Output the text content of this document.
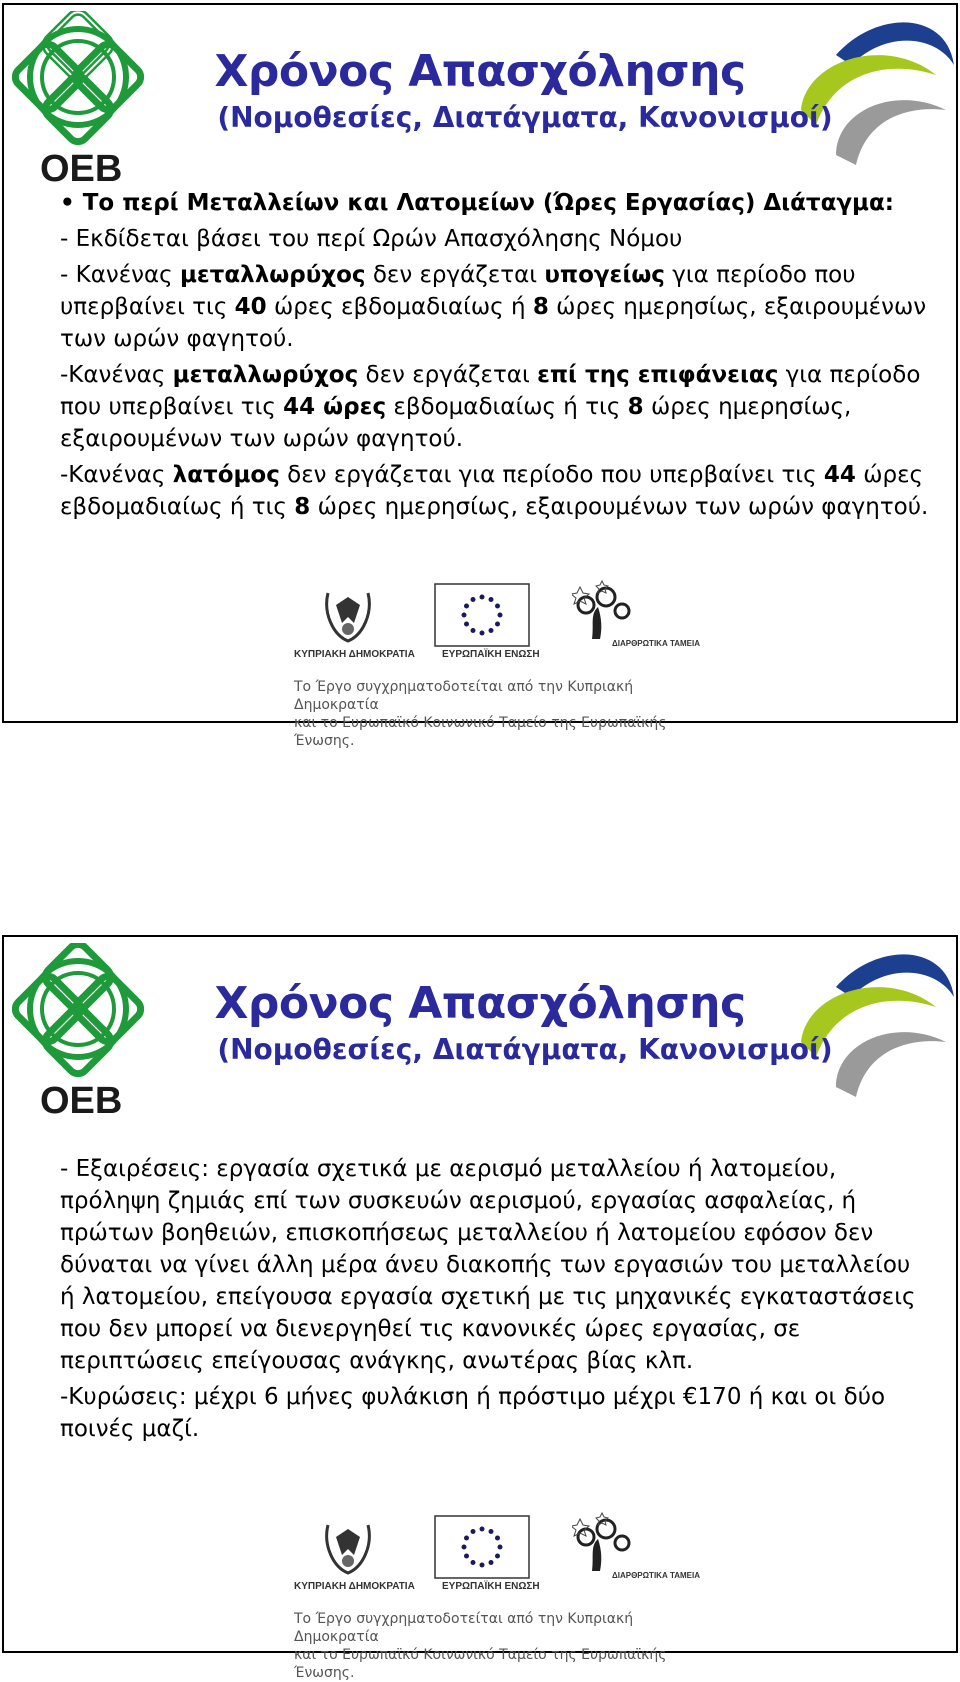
OEB
Χρόνος Απασχόλησης
(Νομοθεσίες, Διατάγματα, Κανονισμοί)

• Το περί Μεταλλείων και Λατομείων (Ώρες Εργασίας) Διάταγμα:

- Εκδίδεται βάσει του περί Ωρών Απασχόλησης Νόμου

- Κανένας μεταλλωρύχος δεν εργάζεται υπογείως για περίοδο που υπερβαίνει τις 40 ώρες εβδομαδιαίως ή 8 ώρες ημερησίως, εξαιρουμένων των ωρών φαγητού.

-Κανένας μεταλλωρύχος δεν εργάζεται επί της επιφάνειας για περίοδο που υπερβαίνει τις 44 ώρες εβδομαδιαίως ή τις 8 ώρες ημερησίως, εξαιρουμένων των ωρών φαγητού.

-Κανένας λατόμος δεν εργάζεται για περίοδο που υπερβαίνει τις 44 ώρες εβδομαδιαίως ή τις 8 ώρες ημερησίως, εξαιρουμένων των ωρών φαγητού.

ΚΥΠΡΙΑΚΗ ΔΗΜΟΚΡΑΤΙΑ	ΕΥΡΩΠΑΪΚΗ ΕΝΩΣΗ
ΔΙΑΡΘΡΩΤΙΚΑ ΤΑΜΕΙΑ
Το Έργο συγχρηματοδοτείται από την Κυπριακή Δημοκρατία
και το Ευρωπαϊκό Κοινωνικό Ταμείο της Ευρωπαϊκής Ένωσης.
OEB
Χρόνος Απασχόλησης
(Νομοθεσίες, Διατάγματα, Κανονισμοί)

- Εξαιρέσεις: εργασία σχετικά με αερισμό μεταλλείου ή λατομείου, πρόληψη ζημιάς επί των συσκευών αερισμού, εργασίας ασφαλείας, ή πρώτων βοηθειών, επισκοπήσεως μεταλλείου ή λατομείου εφόσον δεν δύναται να γίνει άλλη μέρα άνευ διακοπής των εργασιών του μεταλλείου ή λατομείου, επείγουσα εργασία σχετική με τις μηχανικές εγκαταστάσεις που δεν μπορεί να διενεργηθεί τις κανονικές ώρες εργασίας, σε περιπτώσεις επείγουσας ανάγκης, ανωτέρας βίας κλπ.

-Κυρώσεις: μέχρι 6 μήνες φυλάκιση ή πρόστιμο μέχρι €170 ή και οι δύο ποινές μαζί.

ΚΥΠΡΙΑΚΗ ΔΗΜΟΚΡΑΤΙΑ	ΕΥΡΩΠΑΪΚΗ ΕΝΩΣΗ
ΔΙΑΡΘΡΩΤΙΚΑ ΤΑΜΕΙΑ
Το Έργο συγχρηματοδοτείται από την Κυπριακή Δημοκρατία
και το Ευρωπαϊκό Κοινωνικό Ταμείο της Ευρωπαϊκής Ένωσης.
